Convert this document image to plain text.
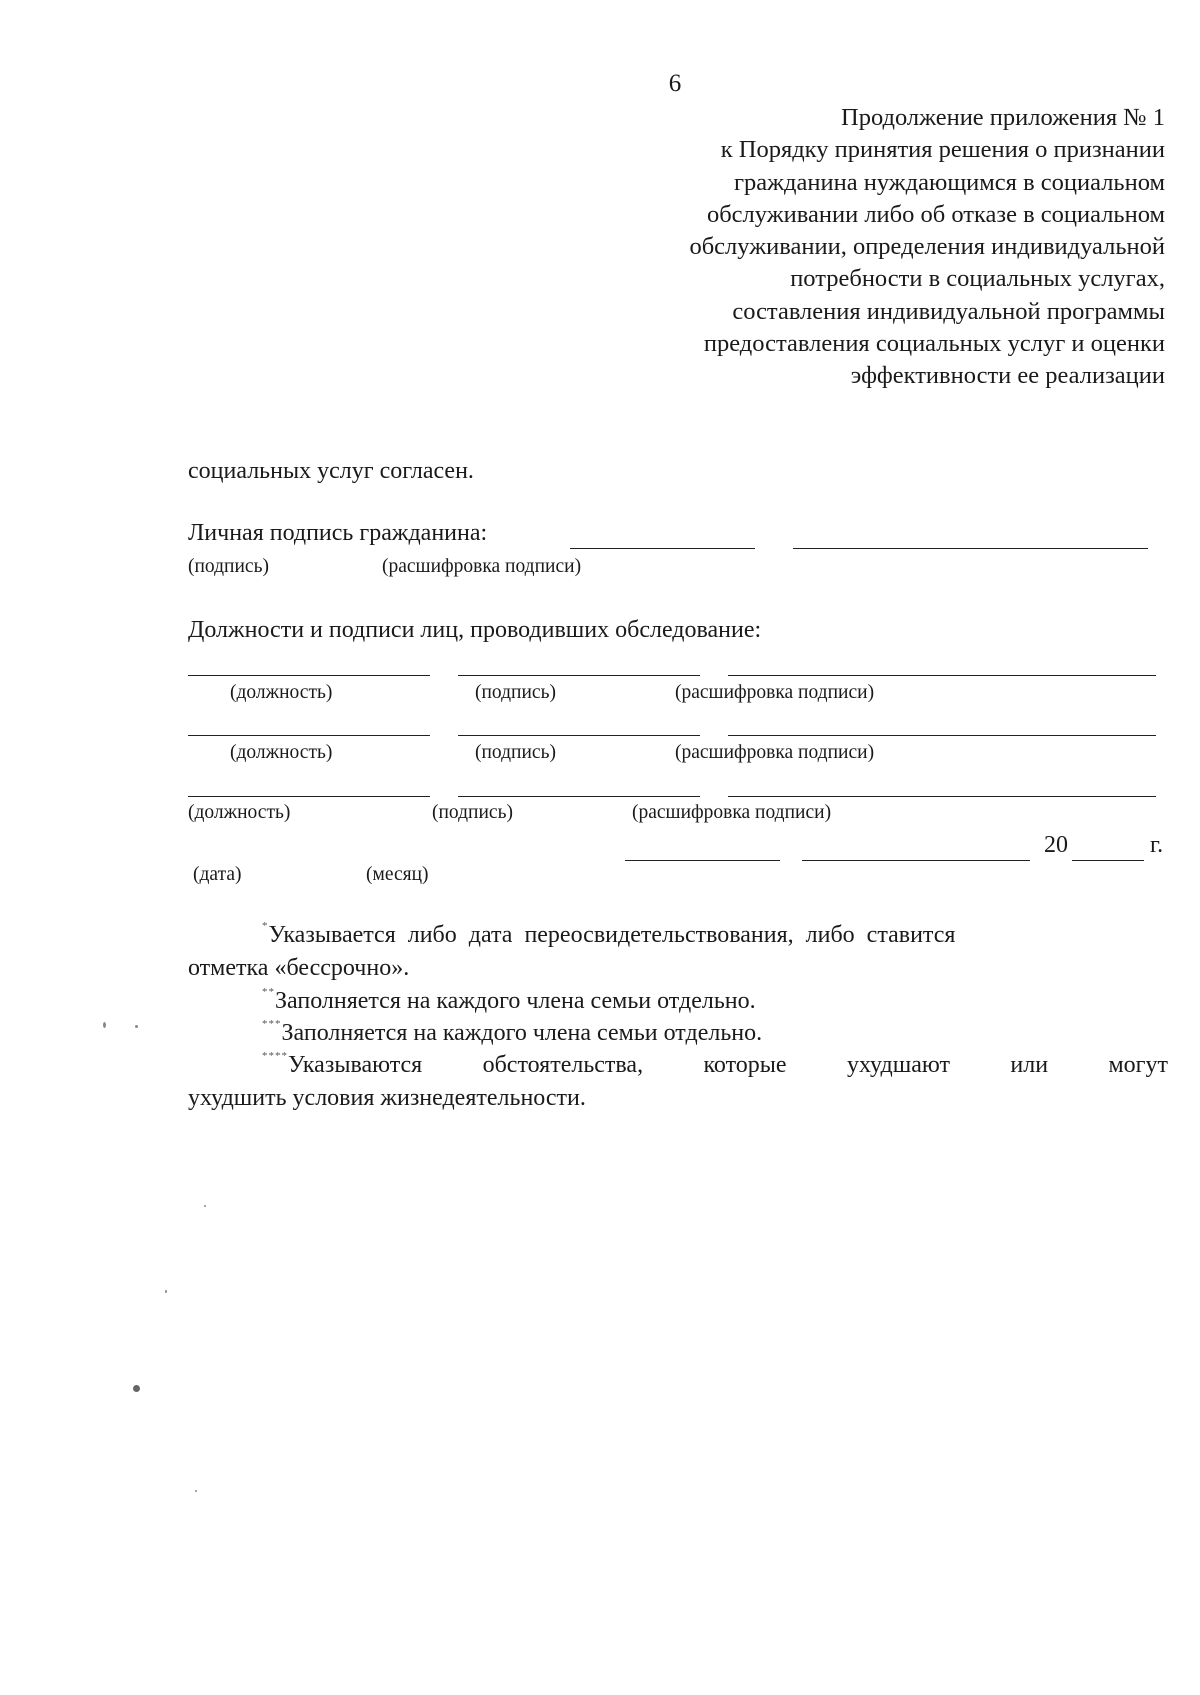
6
Продолжение приложения № 1
к Порядку принятия решения о признании
гражданина нуждающимся в социальном
обслуживании либо об отказе в социальном
обслуживании, определения индивидуальной
потребности в социальных услугах,
составления индивидуальной программы
предоставления социальных услуг и оценки
эффективности ее реализации
социальных услуг согласен.
Личная подпись гражданина:
(подпись)	(расшифровка подписи)
Должности и подписи лиц, проводивших обследование:
(должность)	(подпись)	(расшифровка подписи)
(должность)	(подпись)	(расшифровка подписи)
(должность)	(подпись)	(расшифровка подписи)
20	г.
(дата)	(месяц)
*Указывается либо дата переосвидетельствования, либо ставится
отметка «бессрочно».
**Заполняется на каждого члена семьи отдельно.
***Заполняется на каждого члена семьи отдельно.
****Указываются	обстоятельства,	которые	ухудшают	или	могут
ухудшить условия жизнедеятельности.
